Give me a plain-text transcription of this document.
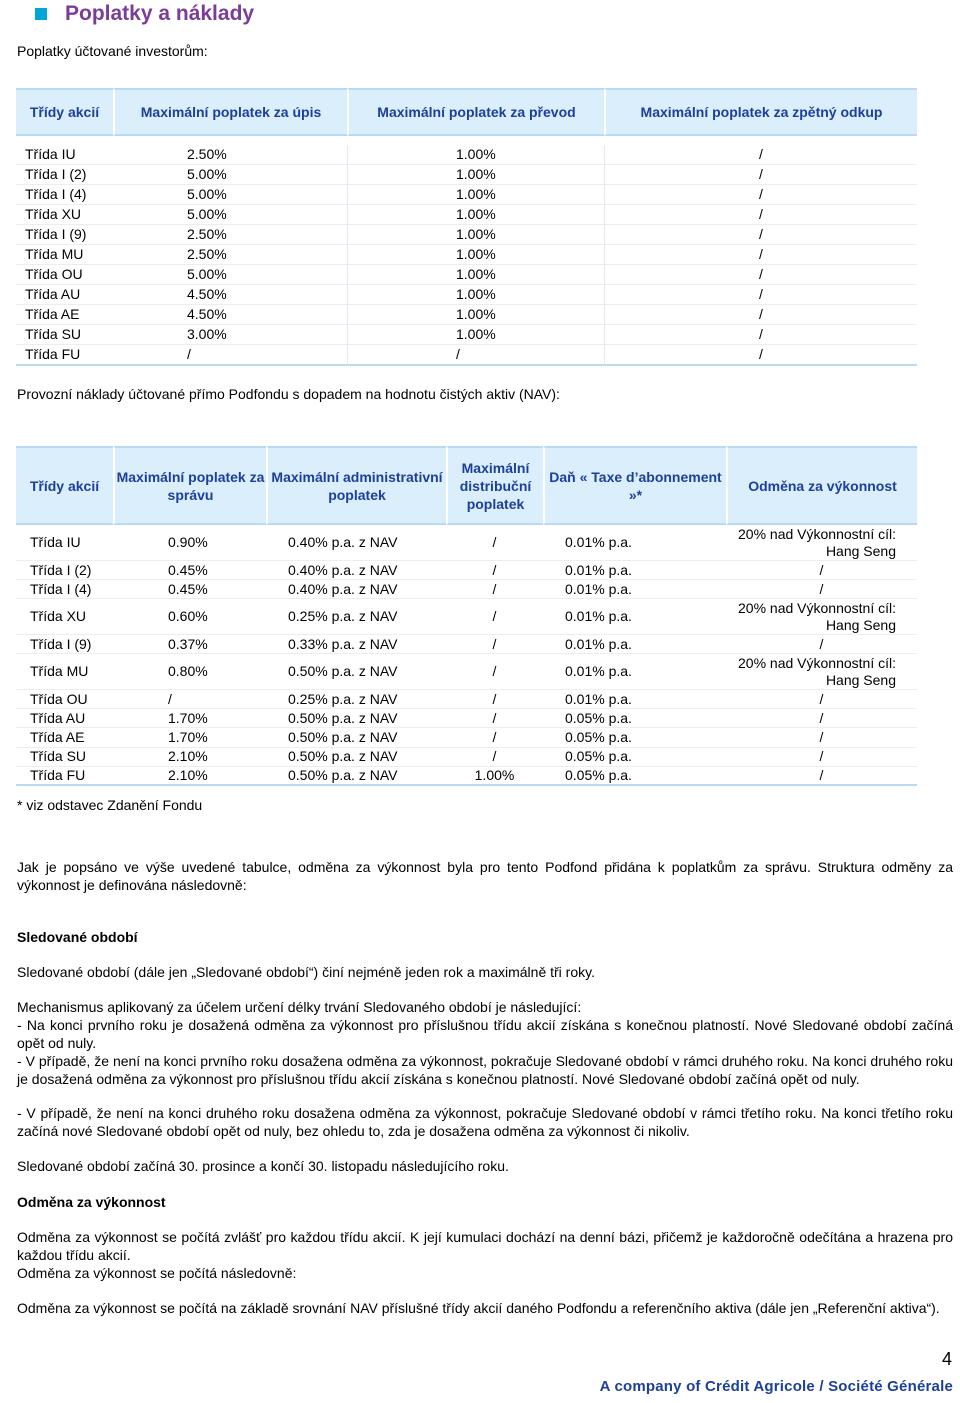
Poplatky a náklady
Poplatky účtované investorům:
Třídy akcií	Maximální poplatek za úpis	Maximální poplatek za převod	Maximální poplatek za zpětný odkup

Třída IU	2.50%	1.00%	/
Třída I (2)	5.00%	1.00%	/
Třída I (4)	5.00%	1.00%	/
Třída XU	5.00%	1.00%	/
Třída I (9)	2.50%	1.00%	/
Třída MU	2.50%	1.00%	/
Třída OU	5.00%	1.00%	/
Třída AU	4.50%	1.00%	/
Třída AE	4.50%	1.00%	/
Třída SU	3.00%	1.00%	/
Třída FU	/	/	/
Provozní náklady účtované přímo Podfondu s dopadem na hodnotu čistých aktiv (NAV):
Třídy akcií	Maximální poplatek za správu	Maximální administrativní poplatek	Maximální distribuční poplatek	Daň « Taxe d’abonnement »*	Odměna za výkonnost
Třída IU	0.90%	0.40% p.a. z NAV	/	0.01% p.a.	20% nad Výkonnostní cíl: Hang Seng
Třída I (2)	0.45%	0.40% p.a. z NAV	/	0.01% p.a.	/
Třída I (4)	0.45%	0.40% p.a. z NAV	/	0.01% p.a.	/
Třída XU	0.60%	0.25% p.a. z NAV	/	0.01% p.a.	20% nad Výkonnostní cíl: Hang Seng
Třída I (9)	0.37%	0.33% p.a. z NAV	/	0.01% p.a.	/
Třída MU	0.80%	0.50% p.a. z NAV	/	0.01% p.a.	20% nad Výkonnostní cíl: Hang Seng
Třída OU	/	0.25% p.a. z NAV	/	0.01% p.a.	/
Třída AU	1.70%	0.50% p.a. z NAV	/	0.05% p.a.	/
Třída AE	1.70%	0.50% p.a. z NAV	/	0.05% p.a.	/
Třída SU	2.10%	0.50% p.a. z NAV	/	0.05% p.a.	/
Třída FU	2.10%	0.50% p.a. z NAV	1.00%	0.05% p.a.	/
* viz odstavec Zdanění Fondu
Jak je popsáno ve výše uvedené tabulce, odměna za výkonnost byla pro tento Podfond přidána k poplatkům za správu. Struktura odměny za výkonnost je definována následovně:
Sledované období
Sledované období (dále jen „Sledované období“) činí nejméně jeden rok a maximálně tři roky.
Mechanismus aplikovaný za účelem určení délky trvání Sledovaného období je následující:
- Na konci prvního roku je dosažená odměna za výkonnost pro příslušnou třídu akcií získána s konečnou platností. Nové Sledované období začíná opět od nuly.
- V případě, že není na konci prvního roku dosažena odměna za výkonnost, pokračuje Sledované období v rámci druhého roku. Na konci druhého roku je dosažená odměna za výkonnost pro příslušnou třídu akcií získána s konečnou platností. Nové Sledované období začíná opět od nuly.
- V případě, že není na konci druhého roku dosažena odměna za výkonnost, pokračuje Sledované období v rámci třetího roku. Na konci třetího roku začíná nové Sledované období opět od nuly, bez ohledu to, zda je dosažena odměna za výkonnost či nikoliv.
Sledované období začíná 30. prosince a končí 30. listopadu následujícího roku.
Odměna za výkonnost
Odměna za výkonnost se počítá zvlášť pro každou třídu akcií. K její kumulaci dochází na denní bázi, přičemž je každoročně odečítána a hrazena pro každou třídu akcií.
Odměna za výkonnost se počítá následovně:
Odměna za výkonnost se počítá na základě srovnání NAV příslušné třídy akcií daného Podfondu a referenčního aktiva (dále jen „Referenční aktiva“).
4
A company of Crédit Agricole / Société Générale
